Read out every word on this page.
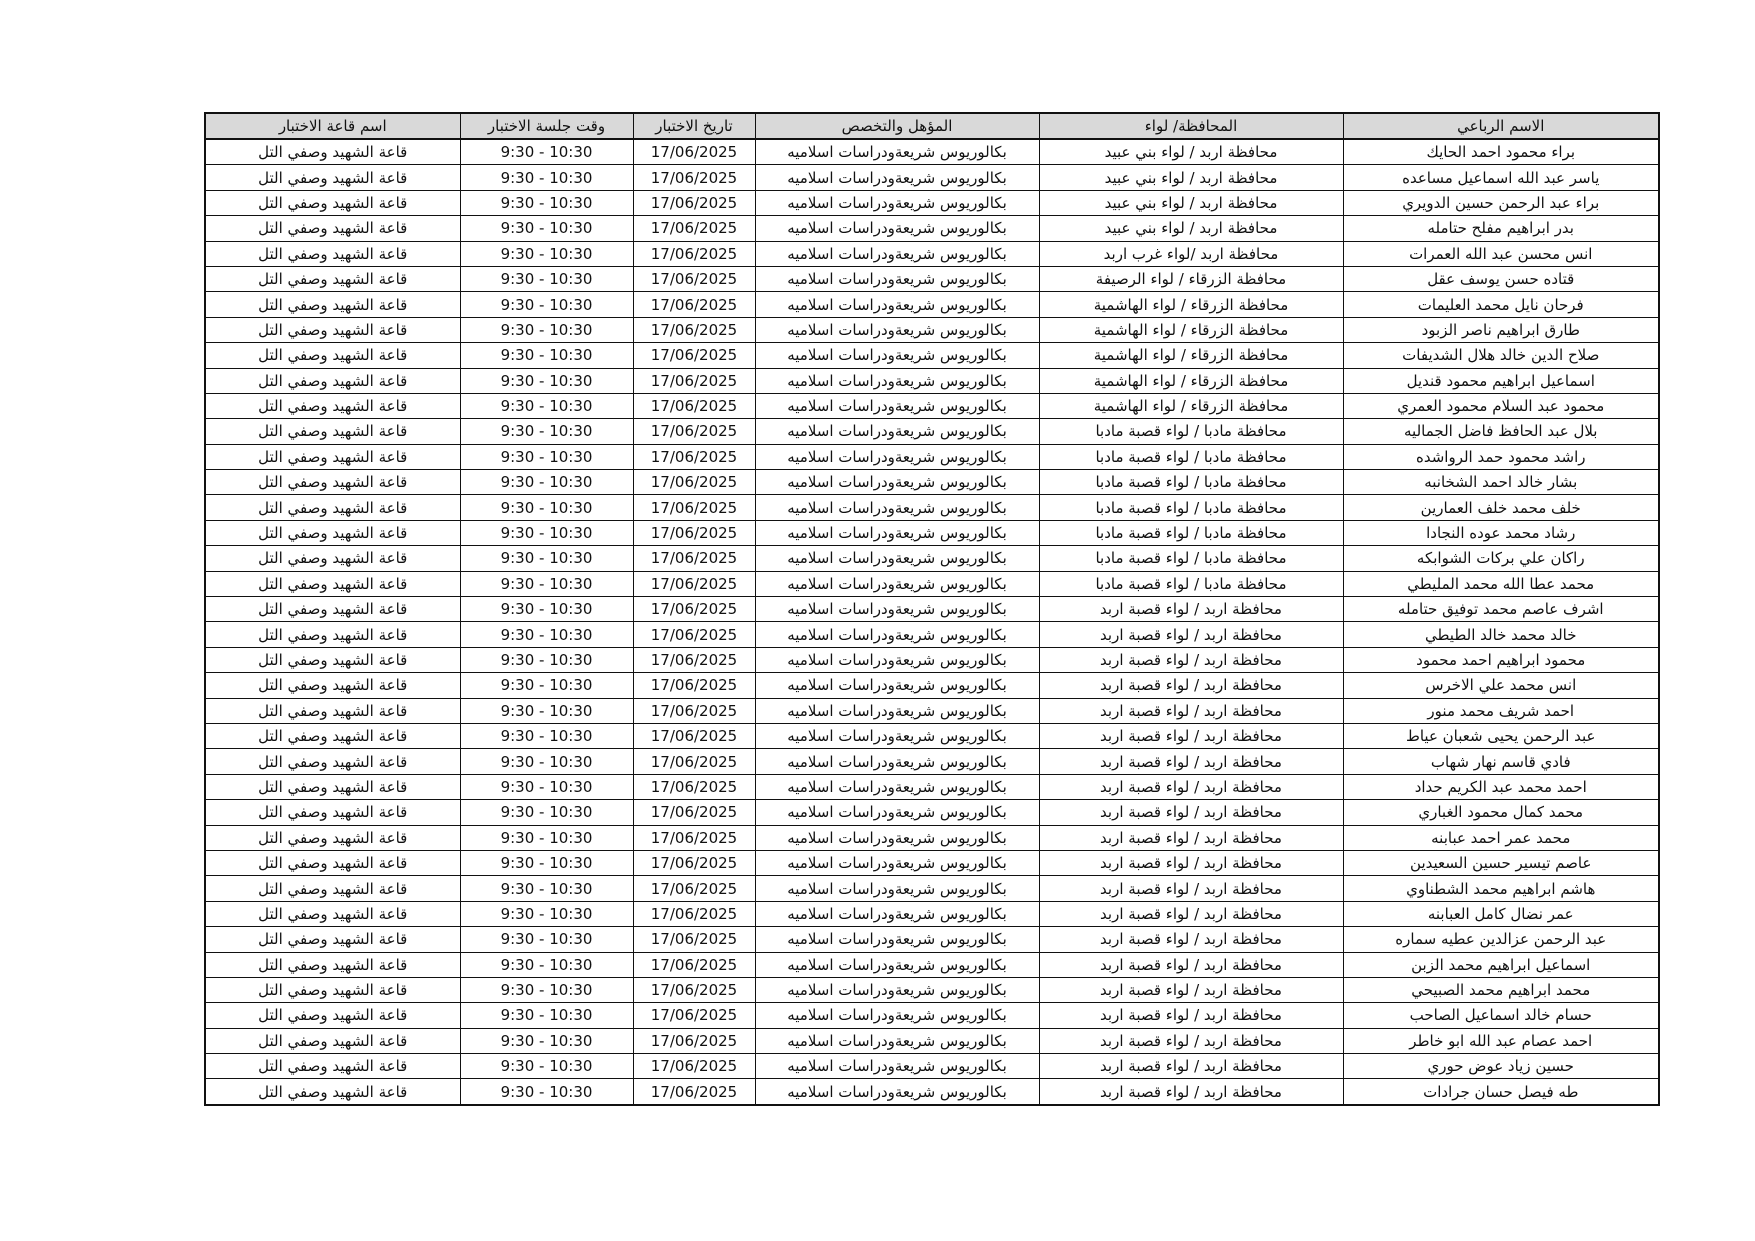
الاسم الرباعي	المحافظة/ لواء	المؤهل والتخصص	تاريخ الاختبار	وقت جلسة الاختبار	اسم قاعة الاختبار
براء محمود احمد الحايك	محافظة اربد / لواء بني عبيد	بكالوريوس شريعةودراسات اسلاميه	17/06/2025	9:30 - 10:30	قاعة الشهيد وصفي التل
ياسر عبد الله اسماعيل مساعده	محافظة اربد / لواء بني عبيد	بكالوريوس شريعةودراسات اسلاميه	17/06/2025	9:30 - 10:30	قاعة الشهيد وصفي التل
براء عبد الرحمن حسين الدويري	محافظة اربد / لواء بني عبيد	بكالوريوس شريعةودراسات اسلاميه	17/06/2025	9:30 - 10:30	قاعة الشهيد وصفي التل
بدر ابراهيم مفلح حتامله	محافظة اربد / لواء بني عبيد	بكالوريوس شريعةودراسات اسلاميه	17/06/2025	9:30 - 10:30	قاعة الشهيد وصفي التل
انس محسن عبد الله العمرات	محافظة اربد /لواء غرب اربد	بكالوريوس شريعةودراسات اسلاميه	17/06/2025	9:30 - 10:30	قاعة الشهيد وصفي التل
قتاده حسن يوسف عقل	محافظة الزرقاء / لواء الرصيفة	بكالوريوس شريعةودراسات اسلاميه	17/06/2025	9:30 - 10:30	قاعة الشهيد وصفي التل
فرحان نايل محمد العليمات	محافظة الزرقاء / لواء الهاشمية	بكالوريوس شريعةودراسات اسلاميه	17/06/2025	9:30 - 10:30	قاعة الشهيد وصفي التل
طارق ابراهيم ناصر الزبود	محافظة الزرقاء / لواء الهاشمية	بكالوريوس شريعةودراسات اسلاميه	17/06/2025	9:30 - 10:30	قاعة الشهيد وصفي التل
صلاح الدين خالد هلال الشديفات	محافظة الزرقاء / لواء الهاشمية	بكالوريوس شريعةودراسات اسلاميه	17/06/2025	9:30 - 10:30	قاعة الشهيد وصفي التل
اسماعيل ابراهيم محمود قنديل	محافظة الزرقاء / لواء الهاشمية	بكالوريوس شريعةودراسات اسلاميه	17/06/2025	9:30 - 10:30	قاعة الشهيد وصفي التل
محمود عبد السلام محمود العمري	محافظة الزرقاء / لواء الهاشمية	بكالوريوس شريعةودراسات اسلاميه	17/06/2025	9:30 - 10:30	قاعة الشهيد وصفي التل
بلال عبد الحافظ فاضل الجماليه	محافظة مادبا / لواء قصبة مادبا	بكالوريوس شريعةودراسات اسلاميه	17/06/2025	9:30 - 10:30	قاعة الشهيد وصفي التل
راشد محمود حمد الرواشده	محافظة مادبا / لواء قصبة مادبا	بكالوريوس شريعةودراسات اسلاميه	17/06/2025	9:30 - 10:30	قاعة الشهيد وصفي التل
بشار خالد احمد الشخانبه	محافظة مادبا / لواء قصبة مادبا	بكالوريوس شريعةودراسات اسلاميه	17/06/2025	9:30 - 10:30	قاعة الشهيد وصفي التل
خلف محمد خلف العمارين	محافظة مادبا / لواء قصبة مادبا	بكالوريوس شريعةودراسات اسلاميه	17/06/2025	9:30 - 10:30	قاعة الشهيد وصفي التل
رشاد محمد عوده النجادا	محافظة مادبا / لواء قصبة مادبا	بكالوريوس شريعةودراسات اسلاميه	17/06/2025	9:30 - 10:30	قاعة الشهيد وصفي التل
راكان علي بركات الشوابكه	محافظة مادبا / لواء قصبة مادبا	بكالوريوس شريعةودراسات اسلاميه	17/06/2025	9:30 - 10:30	قاعة الشهيد وصفي التل
محمد عطا الله محمد المليطي	محافظة مادبا / لواء قصبة مادبا	بكالوريوس شريعةودراسات اسلاميه	17/06/2025	9:30 - 10:30	قاعة الشهيد وصفي التل
اشرف عاصم محمد توفيق حتامله	محافظة اربد / لواء قصبة اربد	بكالوريوس شريعةودراسات اسلاميه	17/06/2025	9:30 - 10:30	قاعة الشهيد وصفي التل
خالد محمد خالد الطيطي	محافظة اربد / لواء قصبة اربد	بكالوريوس شريعةودراسات اسلاميه	17/06/2025	9:30 - 10:30	قاعة الشهيد وصفي التل
محمود ابراهيم احمد محمود	محافظة اربد / لواء قصبة اربد	بكالوريوس شريعةودراسات اسلاميه	17/06/2025	9:30 - 10:30	قاعة الشهيد وصفي التل
انس محمد علي الاخرس	محافظة اربد / لواء قصبة اربد	بكالوريوس شريعةودراسات اسلاميه	17/06/2025	9:30 - 10:30	قاعة الشهيد وصفي التل
احمد شريف محمد منور	محافظة اربد / لواء قصبة اربد	بكالوريوس شريعةودراسات اسلاميه	17/06/2025	9:30 - 10:30	قاعة الشهيد وصفي التل
عبد الرحمن يحيى شعبان عياط	محافظة اربد / لواء قصبة اربد	بكالوريوس شريعةودراسات اسلاميه	17/06/2025	9:30 - 10:30	قاعة الشهيد وصفي التل
فادي قاسم نهار شهاب	محافظة اربد / لواء قصبة اربد	بكالوريوس شريعةودراسات اسلاميه	17/06/2025	9:30 - 10:30	قاعة الشهيد وصفي التل
احمد محمد عبد الكريم حداد	محافظة اربد / لواء قصبة اربد	بكالوريوس شريعةودراسات اسلاميه	17/06/2025	9:30 - 10:30	قاعة الشهيد وصفي التل
محمد كمال محمود الغباري	محافظة اربد / لواء قصبة اربد	بكالوريوس شريعةودراسات اسلاميه	17/06/2025	9:30 - 10:30	قاعة الشهيد وصفي التل
محمد عمر احمد عبابنه	محافظة اربد / لواء قصبة اربد	بكالوريوس شريعةودراسات اسلاميه	17/06/2025	9:30 - 10:30	قاعة الشهيد وصفي التل
عاصم تيسير حسين السعيدين	محافظة اربد / لواء قصبة اربد	بكالوريوس شريعةودراسات اسلاميه	17/06/2025	9:30 - 10:30	قاعة الشهيد وصفي التل
هاشم ابراهيم محمد الشطناوي	محافظة اربد / لواء قصبة اربد	بكالوريوس شريعةودراسات اسلاميه	17/06/2025	9:30 - 10:30	قاعة الشهيد وصفي التل
عمر نضال كامل العبابنه	محافظة اربد / لواء قصبة اربد	بكالوريوس شريعةودراسات اسلاميه	17/06/2025	9:30 - 10:30	قاعة الشهيد وصفي التل
عبد الرحمن عزالدين عطيه سماره	محافظة اربد / لواء قصبة اربد	بكالوريوس شريعةودراسات اسلاميه	17/06/2025	9:30 - 10:30	قاعة الشهيد وصفي التل
اسماعيل ابراهيم محمد الزبن	محافظة اربد / لواء قصبة اربد	بكالوريوس شريعةودراسات اسلاميه	17/06/2025	9:30 - 10:30	قاعة الشهيد وصفي التل
محمد ابراهيم محمد الصبيحي	محافظة اربد / لواء قصبة اربد	بكالوريوس شريعةودراسات اسلاميه	17/06/2025	9:30 - 10:30	قاعة الشهيد وصفي التل
حسام خالد اسماعيل الصاحب	محافظة اربد / لواء قصبة اربد	بكالوريوس شريعةودراسات اسلاميه	17/06/2025	9:30 - 10:30	قاعة الشهيد وصفي التل
احمد عصام عبد الله ابو خاطر	محافظة اربد / لواء قصبة اربد	بكالوريوس شريعةودراسات اسلاميه	17/06/2025	9:30 - 10:30	قاعة الشهيد وصفي التل
حسين زياد عوض حوري	محافظة اربد / لواء قصبة اربد	بكالوريوس شريعةودراسات اسلاميه	17/06/2025	9:30 - 10:30	قاعة الشهيد وصفي التل
طه فيصل حسان جرادات	محافظة اربد / لواء قصبة اربد	بكالوريوس شريعةودراسات اسلاميه	17/06/2025	9:30 - 10:30	قاعة الشهيد وصفي التل
